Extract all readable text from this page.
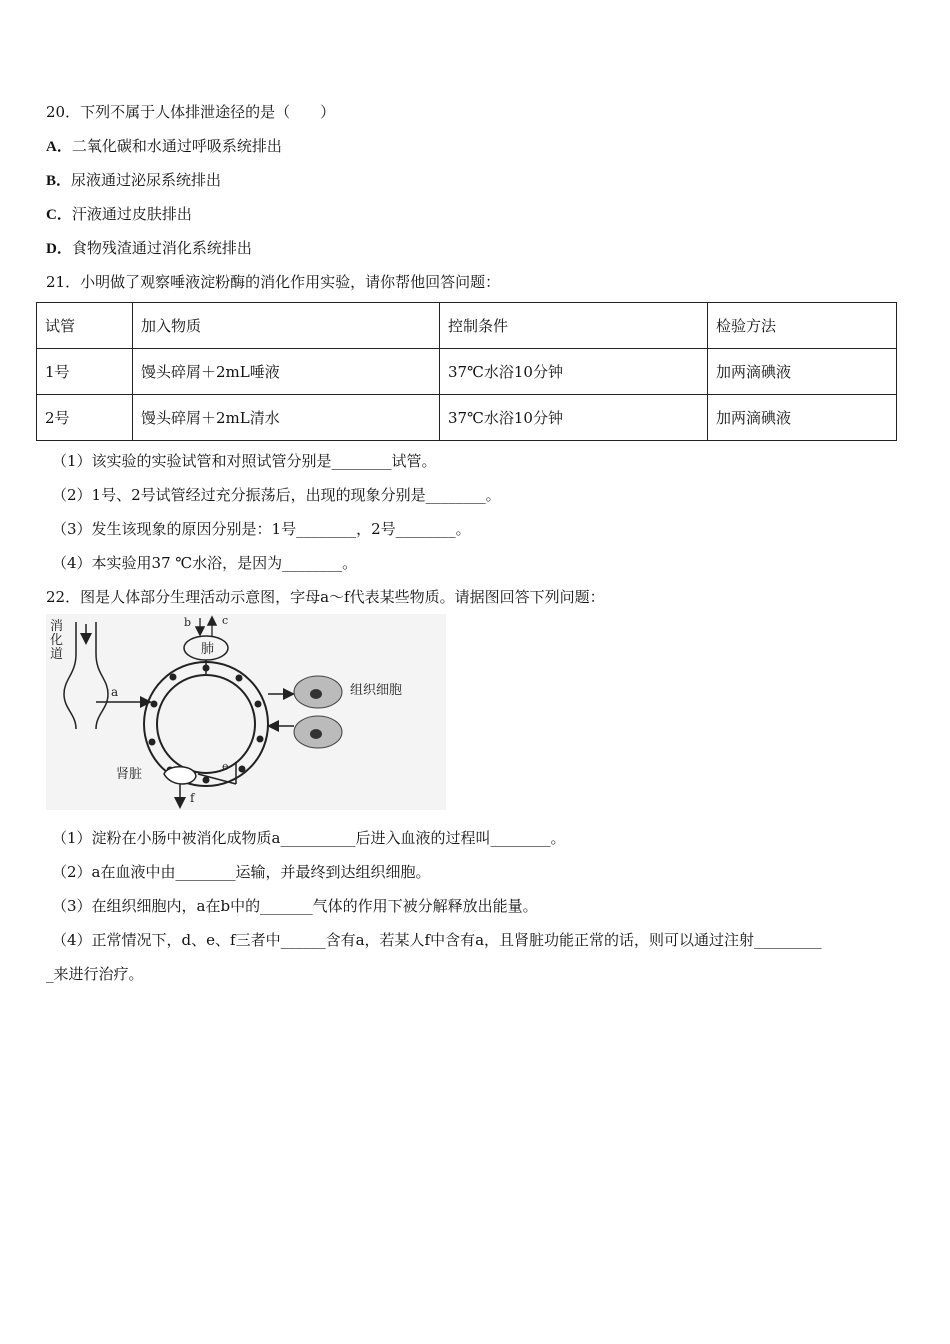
20．下列不属于人体排泄途径的是（　　）
A．二氧化碳和水通过呼吸系统排出
B．尿液通过泌尿系统排出
C．汗液通过皮肤排出
D．食物残渣通过消化系统排出
21．小明做了观察唾液淀粉酶的消化作用实验，请你帮他回答问题：
试管	加入物质	控制条件	检验方法
1号	馒头碎屑＋2mL唾液	37℃水浴10分钟	加两滴碘液
2号	馒头碎屑＋2mL清水	37℃水浴10分钟	加两滴碘液
（1）该实验的实验试管和对照试管分别是________试管。
（2）1号、2号试管经过充分振荡后，出现的现象分别是________。
（3）发生该现象的原因分别是：1号________，2号________。
（4）本实验用37 ℃水浴，是因为________。
22．图是人体部分生理活动示意图，字母a～f代表某些物质。请据图回答下列问题：
消
化
道
a
肺
b	c
组织细胞
肾脏
f
e
（1）淀粉在小肠中被消化成物质a__________后进入血液的过程叫________。
（2）a在血液中由________运输，并最终到达组织细胞。
（3）在组织细胞内，a在b中的_______气体的作用下被分解释放出能量。
（4）正常情况下，d、e、f三者中______含有a，若某人f中含有a，且肾脏功能正常的话，则可以通过注射_________
_来进行治疗。
